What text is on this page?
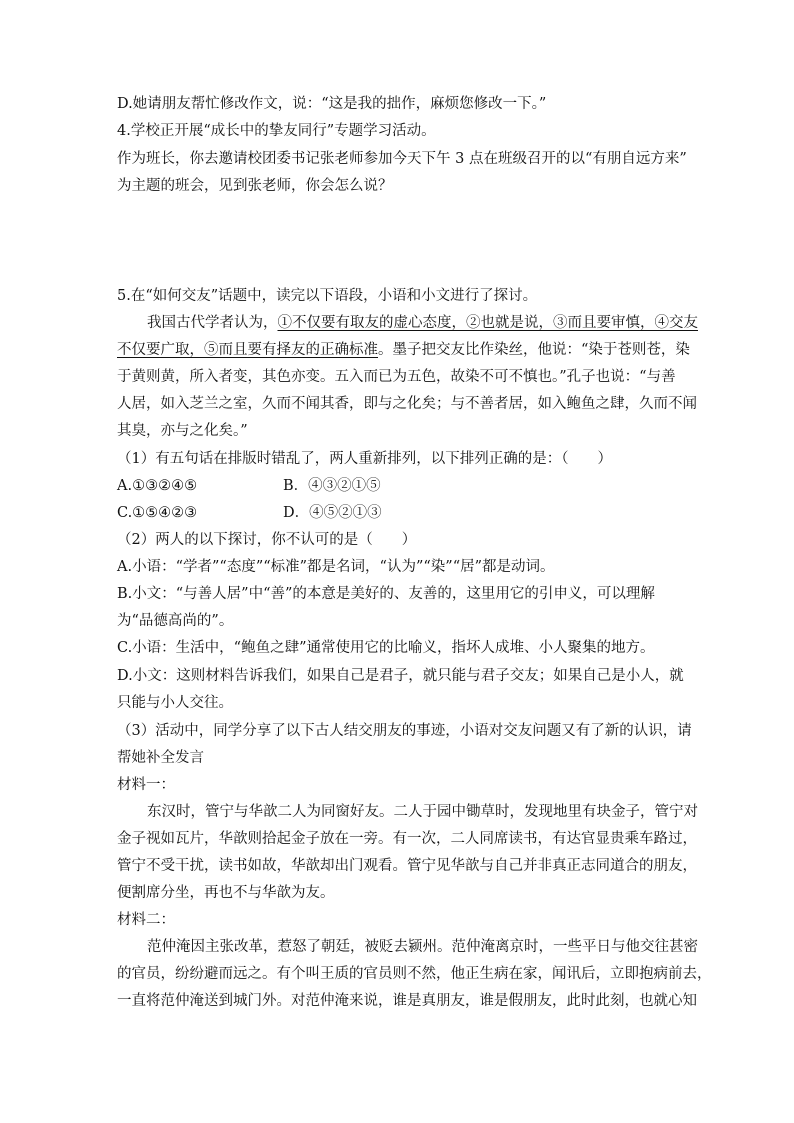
D.她请朋友帮忙修改作文，说：“这是我的拙作，麻烦您修改一下。”
4.学校正开展“成长中的挚友同行”专题学习活动。
作为班长，你去邀请校团委书记张老师参加今天下午 3 点在班级召开的以“有朋自远方来”
为主题的班会，见到张老师，你会怎么说？
5.在“如何交友”话题中，读完以下语段，小语和小文进行了探讨。
我国古代学者认为，①不仅要有取友的虚心态度，②也就是说，③而且要审慎，④交友
不仅要广取，⑤而且要有择友的正确标准。墨子把交友比作染丝，他说：“染于苍则苍，染
于黄则黄，所入者变，其色亦变。五入而已为五色，故染不可不慎也。”孔子也说：“与善
人居，如入芝兰之室，久而不闻其香，即与之化矣；与不善者居，如入鲍鱼之肆，久而不闻
其臭，亦与之化矣。”
（1）有五句话在排版时错乱了，两人重新排列，以下排列正确的是：（　　）
A.①③②④⑤	B．④③②①⑤
C.①⑤④②③	D．④⑤②①③
（2）两人的以下探讨，你不认可的是（　　）
A.小语：“学者”“态度”“标准”都是名词，“认为”“染”“居”都是动词。
B.小文：“与善人居”中“善”的本意是美好的、友善的，这里用它的引申义，可以理解
为“品德高尚的”。
C.小语：生活中，“鲍鱼之肆”通常使用它的比喻义，指坏人成堆、小人聚集的地方。
D.小文：这则材料告诉我们，如果自己是君子，就只能与君子交友；如果自己是小人，就
只能与小人交往。
（3）活动中，同学分享了以下古人结交朋友的事迹，小语对交友问题又有了新的认识，请
帮她补全发言
材料一：
东汉时，管宁与华歆二人为同窗好友。二人于园中锄草时，发现地里有块金子，管宁对
金子视如瓦片，华歆则拾起金子放在一旁。有一次，二人同席读书，有达官显贵乘车路过，
管宁不受干扰，读书如故，华歆却出门观看。管宁见华歆与自己并非真正志同道合的朋友，
便割席分坐，再也不与华歆为友。
材料二：
范仲淹因主张改革，惹怒了朝廷，被贬去颍州。范仲淹离京时，一些平日与他交往甚密
的官员，纷纷避而远之。有个叫王质的官员则不然，他正生病在家，闻讯后，立即抱病前去，
一直将范仲淹送到城门外。对范仲淹来说，谁是真朋友，谁是假朋友，此时此刻，也就心知
